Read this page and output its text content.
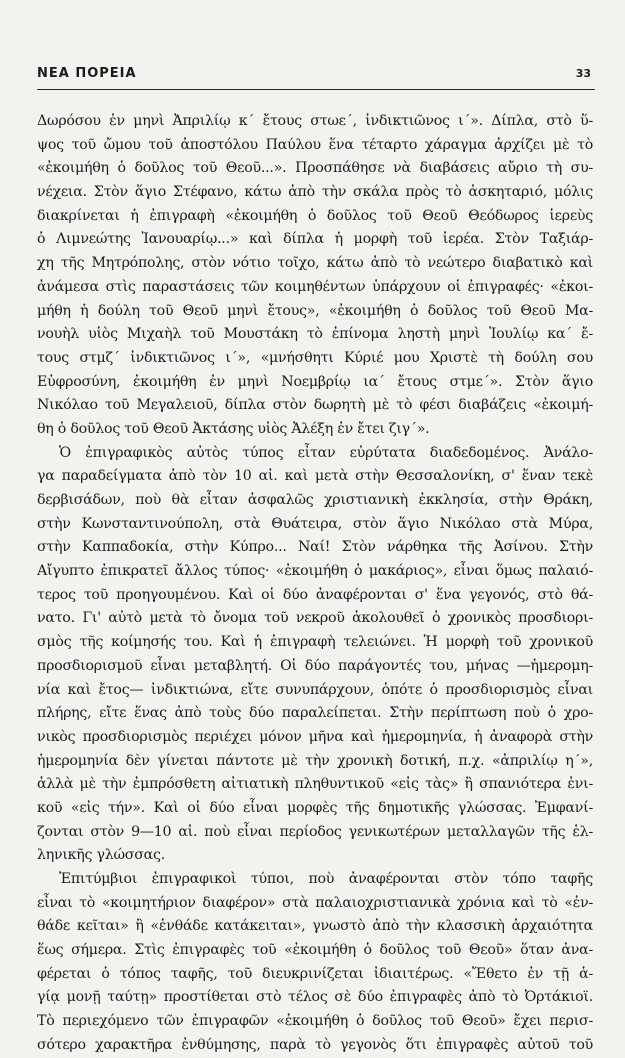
ΝΕΑ ΠΟΡΕΙΑ	33
Δωρόσου ἐν μηνὶ Ἀπριλίῳ κ΄ ἔτους στωε΄, ἰνδικτιῶνος ι΄». Δίπλα, στὸ ὕ-
ψος τοῦ ὤμου τοῦ ἀποστόλου Παύλου ἕνα τέταρτο χάραγμα ἀρχίζει μὲ τὸ
«ἐκοιμήθη ὁ δοῦλος τοῦ Θεοῦ...». Προσπάθησε νὰ διαβάσεις αὔριο τὴ συ-
νέχεια. Στὸν ἅγιο Στέφανο, κάτω ἀπὸ τὴν σκάλα πρὸς τὸ ἀσκηταριό, μόλις
διακρίνεται ἡ ἐπιγραφὴ «ἐκοιμήθη ὁ δοῦλος τοῦ Θεοῦ Θεόδωρος ἱερεὺς
ὁ Λιμνεώτης Ἰανουαρίῳ...» καὶ δίπλα ἡ μορφὴ τοῦ ἱερέα. Στὸν Ταξιάρ-
χη τῆς Μητρόπολης, στὸν νότιο τοῖχο, κάτω ἀπὸ τὸ νεώτερο διαβατικὸ καὶ
ἀνάμεσα στὶς παραστάσεις τῶν κοιμηθέντων ὑπάρχουν οἱ ἐπιγραφές· «ἐκοι-
μήθη ἡ δούλη τοῦ Θεοῦ μηνὶ ἔτους», «ἐκοιμήθη ὁ δοῦλος τοῦ Θεοῦ Μα-
νουὴλ υἱὸς Μιχαὴλ τοῦ Μουστάκη τὸ ἐπίνομα ληστὴ μηνὶ Ἰουλίῳ κα΄ ἔ-
τους στμζ΄ ἰνδικτιῶνος ι΄», «μνήσθητι Κύριέ μου Χριστὲ τὴ δούλη σου
Εὐφροσύνη, ἐκοιμήθη ἐν μηνὶ Νοεμβρίῳ ια΄ ἔτους στμε΄». Στὸν ἅγιο
Νικόλαο τοῦ Μεγαλειοῦ, δίπλα στὸν δωρητὴ μὲ τὸ φέσι διαβάζεις «ἐκοιμή-
θη ὁ δοῦλος τοῦ Θεοῦ Ἀκτάσης υἱὸς Ἀλέξη ἐν ἔτει ζιγ΄».
Ὁ ἐπιγραφικὸς αὐτὸς τύπος εἶταν εὐρύτατα διαδεδομένος. Ἀνάλο-
γα παραδείγματα ἀπὸ τὸν 10 αἰ. καὶ μετὰ στὴν Θεσσαλονίκη, σ' ἕναν τεκὲ
δερβισάδων, ποὺ θὰ εἶταν ἀσφαλῶς χριστιανικὴ ἐκκλησία, στὴν Θράκη,
στὴν Κωνσταντινούπολη, στὰ Θυάτειρα, στὸν ἅγιο Νικόλαο στὰ Μύρα,
στὴν Καππαδοκία, στὴν Κύπρο... Ναί! Στὸν νάρθηκα τῆς Ἀσίνου. Στὴν
Αἴγυπτο ἐπικρατεῖ ἄλλος τύπος· «ἐκοιμήθη ὁ μακάριος», εἶναι ὅμως παλαιό-
τερος τοῦ προηγουμένου. Καὶ οἱ δύο ἀναφέρονται σ' ἕνα γεγονός, στὸ θά-
νατο. Γι' αὐτὸ μετὰ τὸ ὄνομα τοῦ νεκροῦ ἀκολουθεῖ ὁ χρονικὸς προσδιορι-
σμὸς τῆς κοίμησής του. Καὶ ἡ ἐπιγραφὴ τελειώνει. Ἡ μορφὴ τοῦ χρονικοῦ
προσδιορισμοῦ εἶναι μεταβλητή. Οἱ δύο παράγοντές του, μήνας —ἡμερομη-
νία καὶ ἔτος— ἰνδικτιώνα, εἴτε συνυπάρχουν, ὁπότε ὁ προσδιορισμὸς εἶναι
πλήρης, εἴτε ἕνας ἀπὸ τοὺς δύο παραλείπεται. Στὴν περίπτωση ποὺ ὁ χρο-
νικὸς προσδιορισμὸς περιέχει μόνον μῆνα καὶ ἡμερομηνία, ἡ ἀναφορὰ στὴν
ἡμερομηνία δὲν γίνεται πάντοτε μὲ τὴν χρονικὴ δοτική, π.χ. «ἀπριλίῳ η΄»,
ἀλλὰ μὲ τὴν ἐμπρόσθετη αἰτιατικὴ πληθυντικοῦ «εἰς τὰς» ἢ σπανιότερα ἑνι-
κοῦ «εἰς τήν». Καὶ οἱ δύο εἶναι μορφὲς τῆς δημοτικῆς γλώσσας. Ἐμφανί-
ζονται στὸν 9—10 αἰ. ποὺ εἶναι περίοδος γενικωτέρων μεταλλαγῶν τῆς ἑλ-
ληνικῆς γλώσσας.
Ἐπιτύμβιοι ἐπιγραφικοὶ τύποι, ποὺ ἀναφέρονται στὸν τόπο ταφῆς
εἶναι τὸ «κοιμητήριον διαφέρον» στὰ παλαιοχριστιανικὰ χρόνια καὶ τὸ «ἐν-
θάδε κεῖται» ἢ «ἐνθάδε κατάκειται», γνωστὸ ἀπὸ τὴν κλασσικὴ ἀρχαιότητα
ἕως σήμερα. Στὶς ἐπιγραφὲς τοῦ «ἐκοιμήθη ὁ δοῦλος τοῦ Θεοῦ» ὅταν ἀνα-
φέρεται ὁ τόπος ταφῆς, τοῦ διευκρινίζεται ἰδιαιτέρως. «Ἔθετο ἐν τῇ ἁ-
γίᾳ μονῇ ταύτῃ» προστίθεται στὸ τέλος σὲ δύο ἐπιγραφὲς ἀπὸ τὸ Ὀρτάκιοϊ.
Τὸ περιεχόμενο τῶν ἐπιγραφῶν «ἐκοιμήθη ὁ δοῦλος τοῦ Θεοῦ» ἔχει περισ-
σότερο χαρακτῆρα ἐνθύμησης, παρὰ τὸ γεγονὸς ὅτι ἐπιγραφὲς αὐτοῦ τοῦ
